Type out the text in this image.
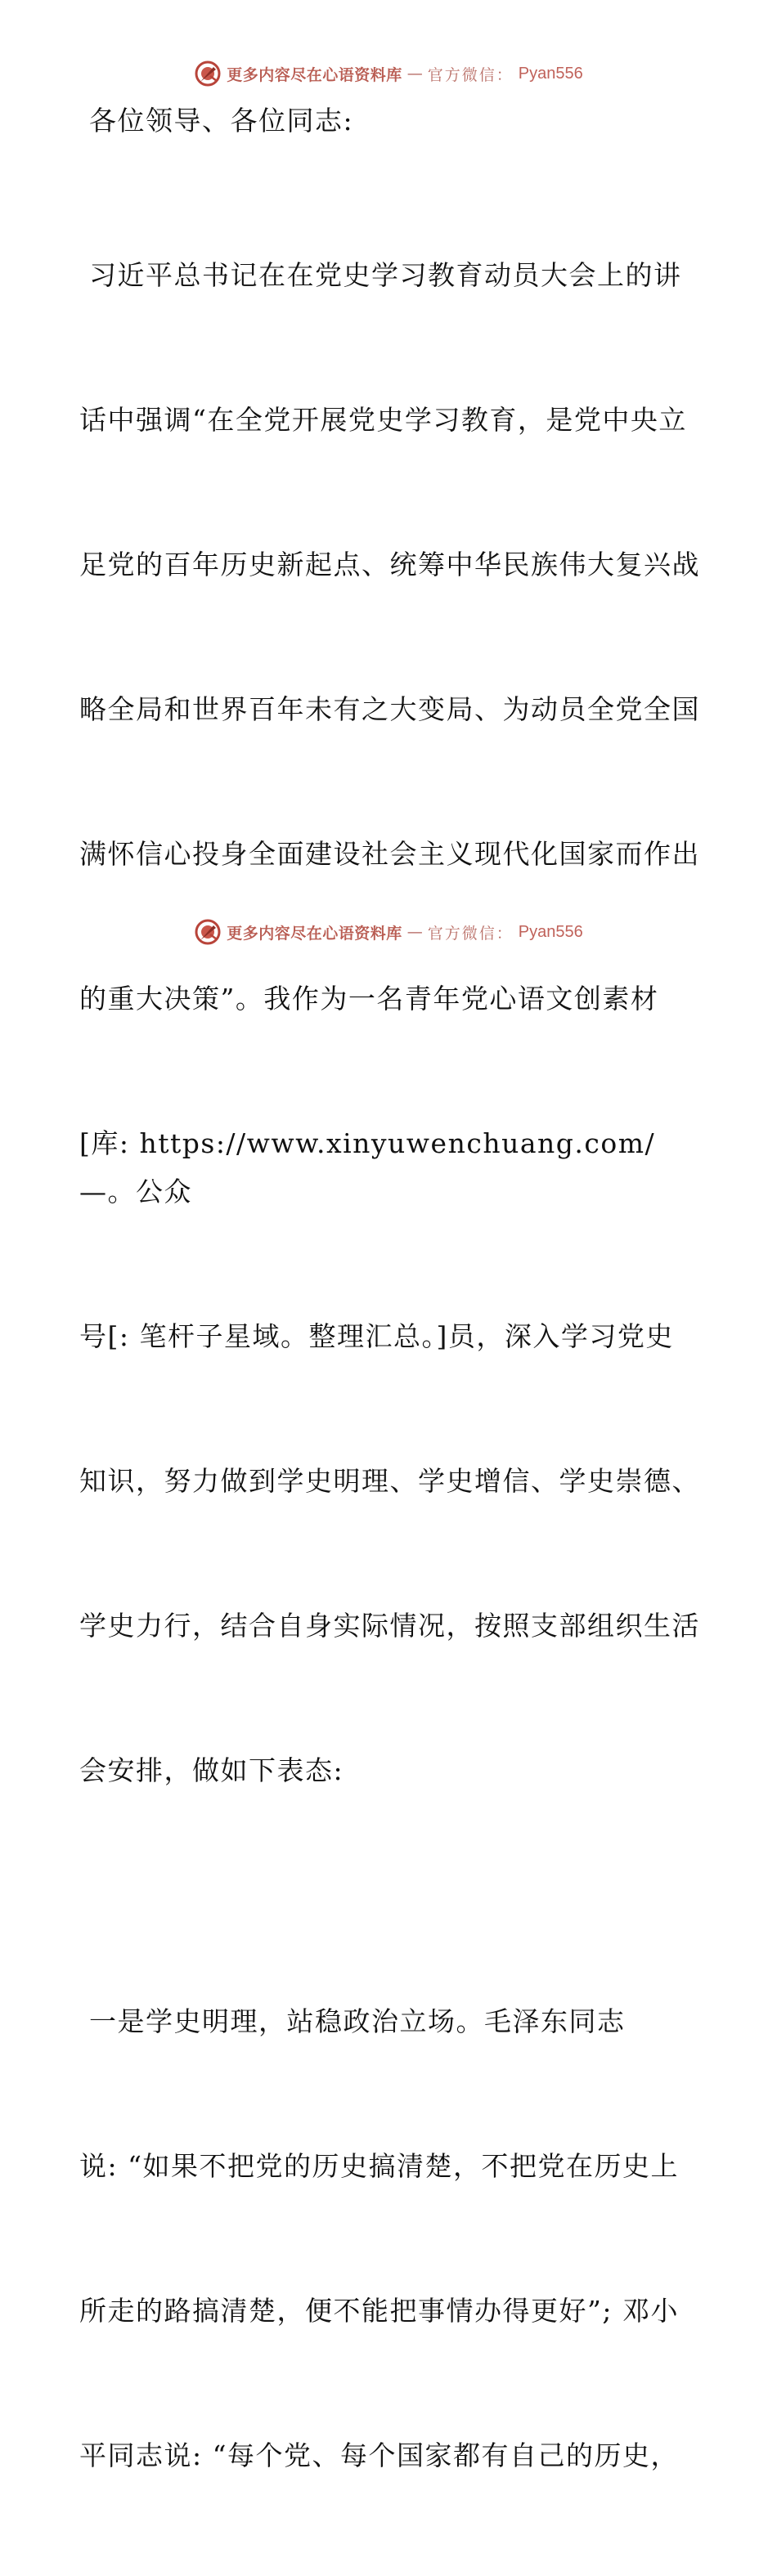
更多内容尽在心语资料库 — 官方微信： Pyan556

各位领导、各位同志:

习近平总书记在在党史学习教育动员大会上的讲

话中强调“在全党开展党史学习教育，是党中央立

足党的百年历史新起点、统筹中华民族伟大复兴战

略全局和世界百年未有之大变局、为动员全党全国

满怀信心投身全面建设社会主义现代化国家而作出

的重大决策”。我作为一名青年党心语文创素材

[库: https://www.xinyuwenchuang.com/—。公众

号[: 笔杆子星域。整理汇总。]员，深入学习党史

知识，努力做到学史明理、学史增信、学史崇德、

学史力行，结合自身实际情况，按照支部组织生活

会安排，做如下表态:

一是学史明理，站稳政治立场。毛泽东同志

说: “如果不把党的历史搞清楚，不把党在历史上

所走的路搞清楚，便不能把事情办得更好”; 邓小

平同志说: “每个党、每个国家都有自己的历史，

更多内容尽在心语资料库 — 官方微信： Pyan556
